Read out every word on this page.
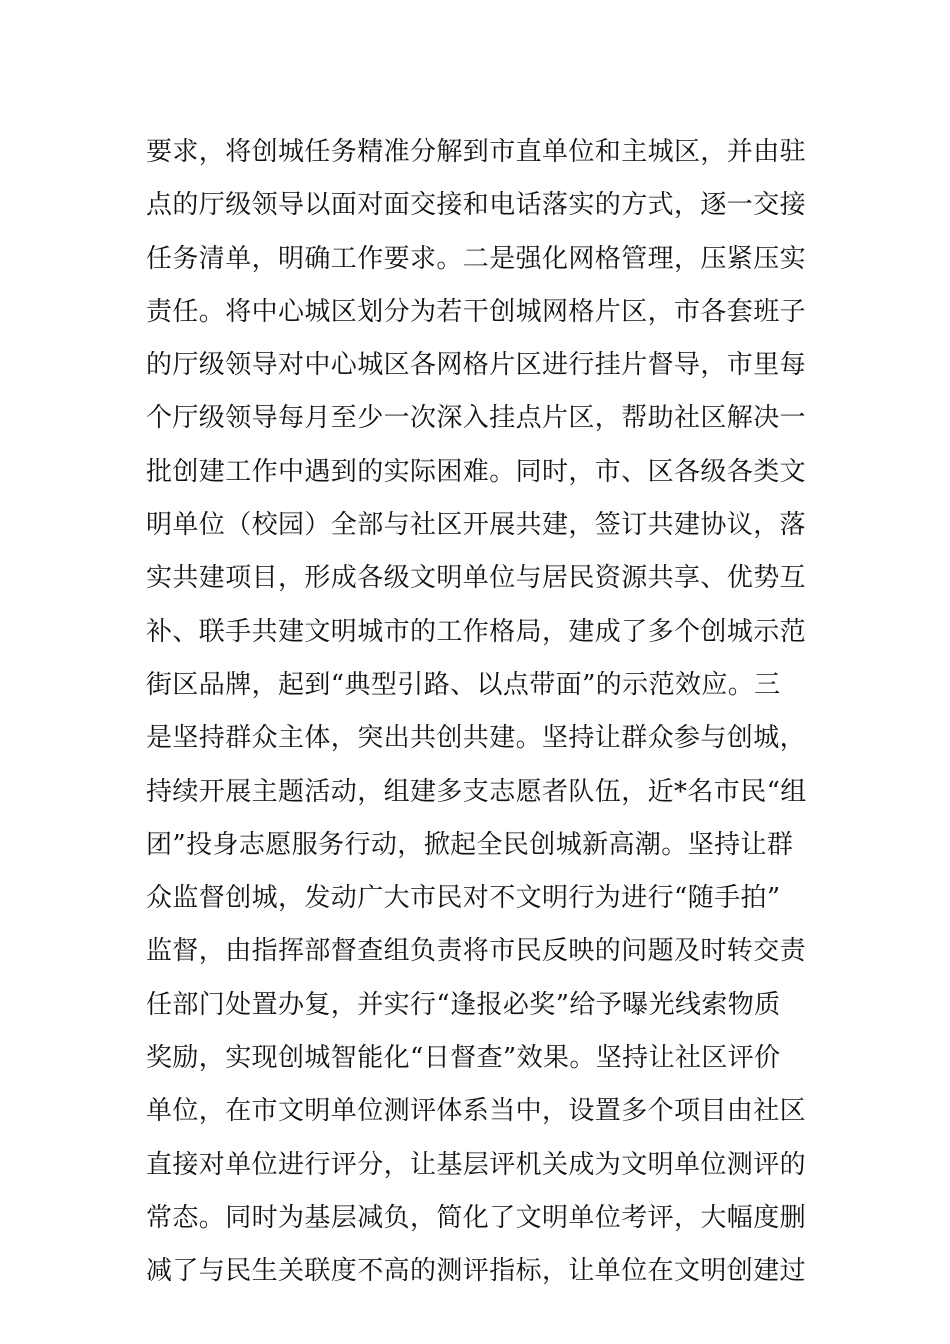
要求，将创城任务精准分解到市直单位和主城区，并由驻
点的厅级领导以面对面交接和电话落实的方式，逐一交接
任务清单，明确工作要求。二是强化网格管理，压紧压实
责任。将中心城区划分为若干创城网格片区，市各套班子
的厅级领导对中心城区各网格片区进行挂片督导，市里每
个厅级领导每月至少一次深入挂点片区，帮助社区解决一
批创建工作中遇到的实际困难。同时，市、区各级各类文
明单位（校园）全部与社区开展共建，签订共建协议，落
实共建项目，形成各级文明单位与居民资源共享、优势互
补、联手共建文明城市的工作格局，建成了多个创城示范
街区品牌，起到“典型引路、以点带面”的示范效应。三
是坚持群众主体，突出共创共建。坚持让群众参与创城，
持续开展主题活动，组建多支志愿者队伍，近*名市民“组
团”投身志愿服务行动，掀起全民创城新高潮。坚持让群
众监督创城，发动广大市民对不文明行为进行“随手拍”
监督，由指挥部督查组负责将市民反映的问题及时转交责
任部门处置办复，并实行“逢报必奖”给予曝光线索物质
奖励，实现创城智能化“日督查”效果。坚持让社区评价
单位，在市文明单位测评体系当中，设置多个项目由社区
直接对单位进行评分，让基层评机关成为文明单位测评的
常态。同时为基层减负，简化了文明单位考评，大幅度删
减了与民生关联度不高的测评指标，让单位在文明创建过
